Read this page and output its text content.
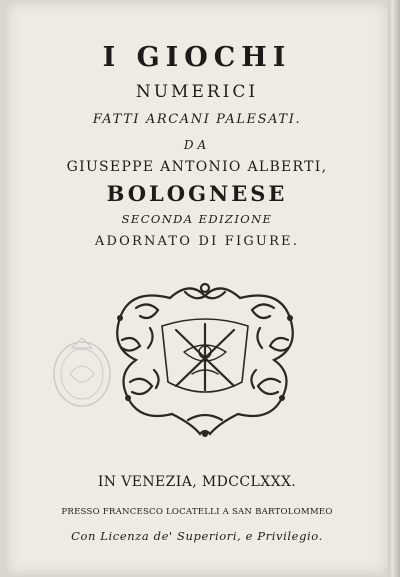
I GIOCHI

NUMERICI

FATTI ARCANI PALESATI.

DA

GIUSEPPE ANTONIO ALBERTI,

BOLOGNESE

SECONDA EDIZIONE

ADORNATO DI FIGURE.

IN VENEZIA, MDCCLXXX.

PRESSO FRANCESCO LOCATELLI A SAN BARTOLOMMEO

Con Licenza de' Superiori, e Privilegio.
